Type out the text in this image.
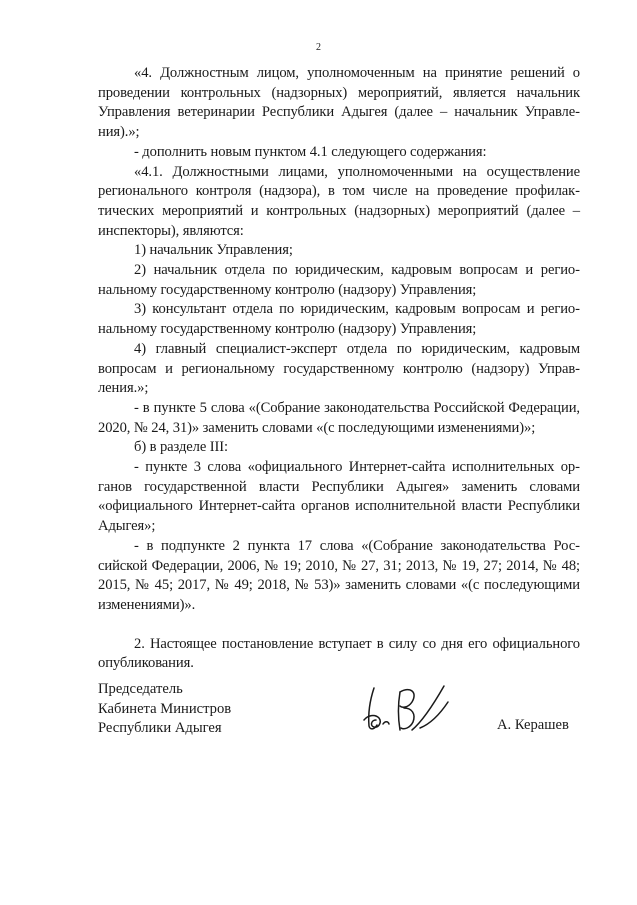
2

«4. Должностным лицом, уполномоченным на принятие решений о проведении контрольных (надзорных) мероприятий, является начальник Управления ветеринарии Республики Адыгея (далее – начальник Управления).»;

- дополнить новым пунктом 4.1 следующего содержания:

«4.1. Должностными лицами, уполномоченными на осуществление регионального контроля (надзора), в том числе на проведение профилактических мероприятий и контрольных (надзорных) мероприятий (далее – инспекторы), являются:

1) начальник Управления;

2) начальник отдела по юридическим, кадровым вопросам и региональному государственному контролю (надзору) Управления;

3) консультант отдела по юридическим, кадровым вопросам и региональному государственному контролю (надзору) Управления;

4) главный специалист-эксперт отдела по юридическим, кадровым вопросам и региональному государственному контролю (надзору) Управления.»;

- в пункте 5 слова «(Собрание законодательства Российской Федерации, 2020, № 24, 31)» заменить словами «(с последующими изменениями)»;

б) в разделе III:

- пункте 3 слова «официального Интернет-сайта исполнительных органов государственной власти Республики Адыгея» заменить словами «официального Интернет-сайта органов исполнительной власти Республики Адыгея»;

- в подпункте 2 пункта 17 слова «(Собрание законодательства Российской Федерации, 2006, № 19; 2010, № 27, 31; 2013, № 19, 27; 2014, № 48; 2015, № 45; 2017, № 49; 2018, № 53)» заменить словами «(с последующими изменениями)».

2. Настоящее постановление вступает в силу со дня его официального опубликования.

Председатель
Кабинета Министров
Республики Адыгея	А. Керашев
